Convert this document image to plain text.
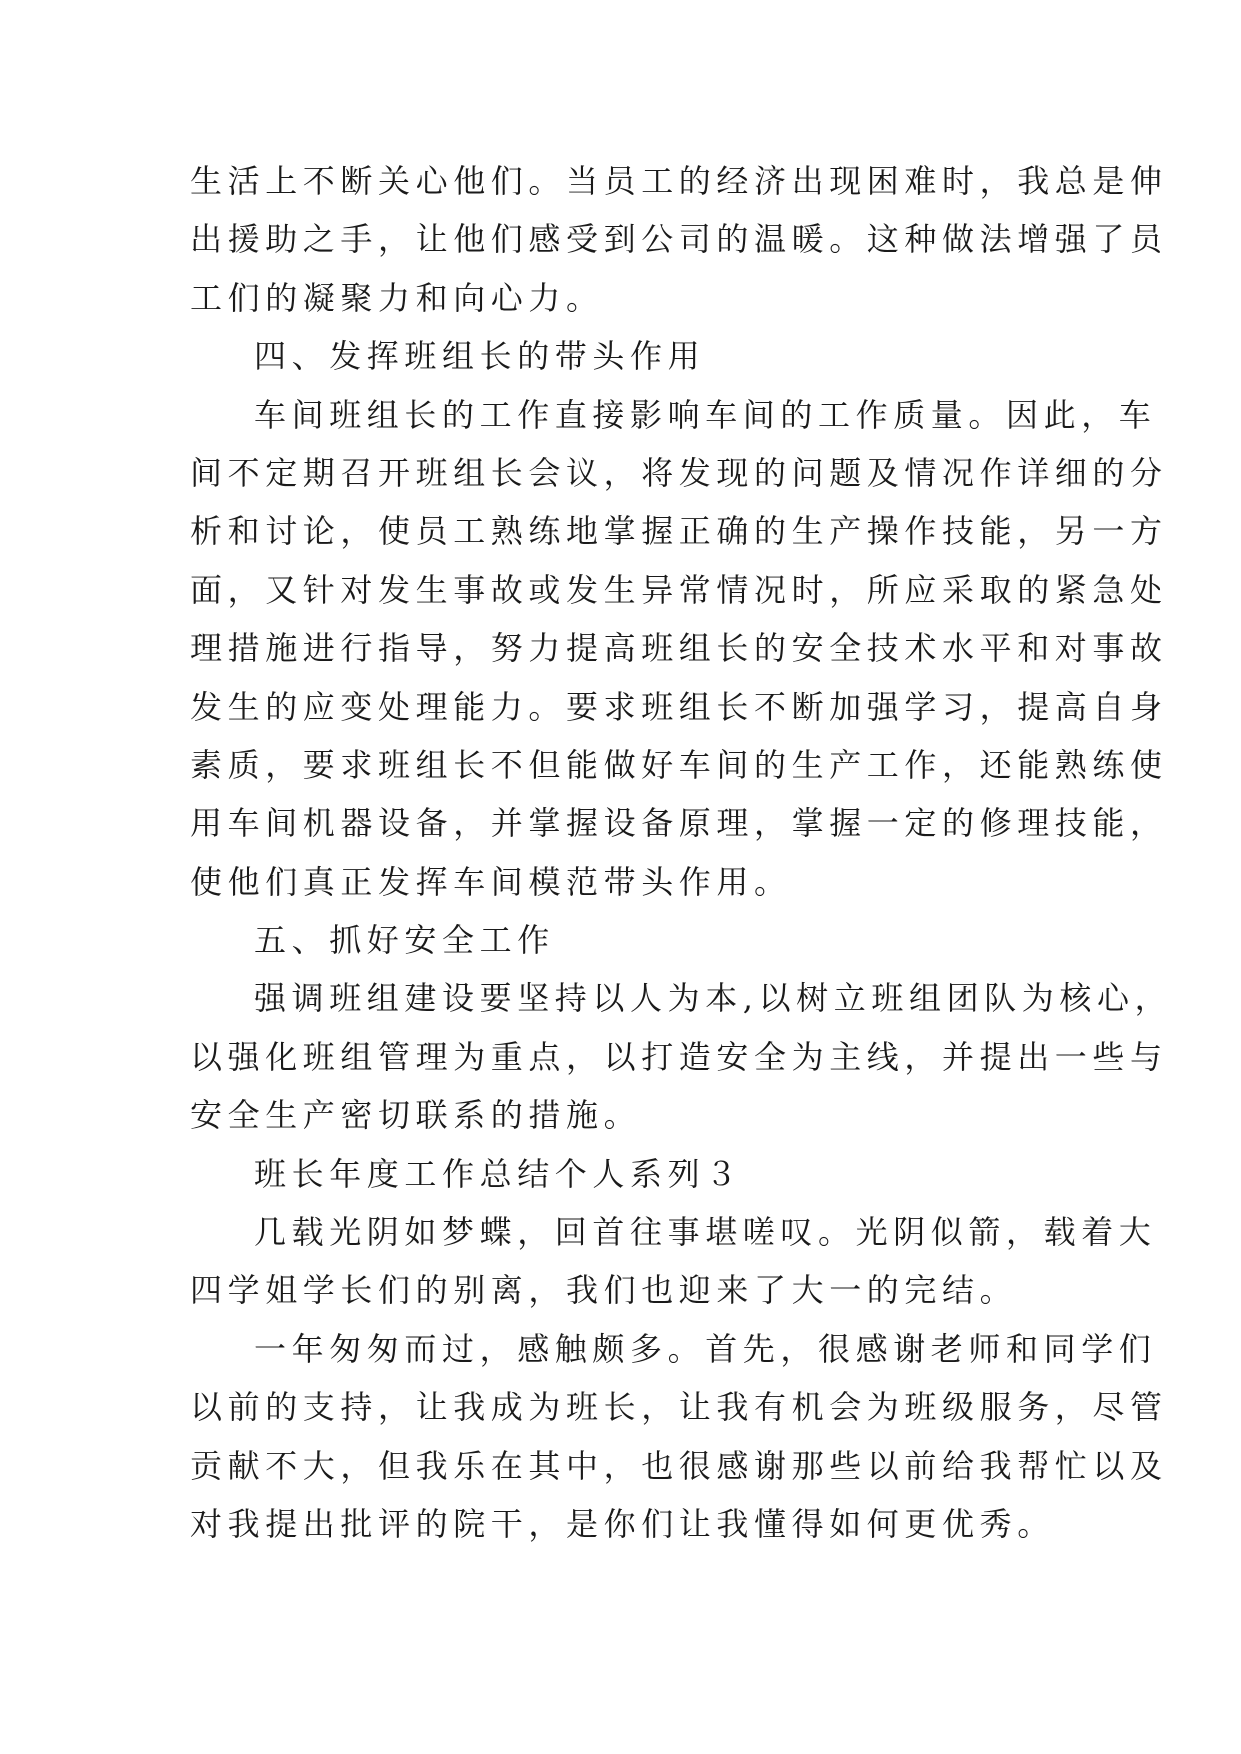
生活上不断关心他们。当员工的经济出现困难时，我总是伸
出援助之手，让他们感受到公司的温暖。这种做法增强了员
工们的凝聚力和向心力。
四、发挥班组长的带头作用
车间班组长的工作直接影响车间的工作质量。因此，车
间不定期召开班组长会议，将发现的问题及情况作详细的分
析和讨论，使员工熟练地掌握正确的生产操作技能，另一方
面，又针对发生事故或发生异常情况时，所应采取的紧急处
理措施进行指导，努力提高班组长的安全技术水平和对事故
发生的应变处理能力。要求班组长不断加强学习，提高自身
素质，要求班组长不但能做好车间的生产工作，还能熟练使
用车间机器设备，并掌握设备原理，掌握一定的修理技能，
使他们真正发挥车间模范带头作用。
五、抓好安全工作
强调班组建设要坚持以人为本,以树立班组团队为核心，
以强化班组管理为重点，以打造安全为主线，并提出一些与
安全生产密切联系的措施。
班长年度工作总结个人系列３
几载光阴如梦蝶，回首往事堪嗟叹。光阴似箭，载着大
四学姐学长们的别离，我们也迎来了大一的完结。
一年匆匆而过，感触颇多。首先，很感谢老师和同学们
以前的支持，让我成为班长，让我有机会为班级服务，尽管
贡献不大，但我乐在其中，也很感谢那些以前给我帮忙以及
对我提出批评的院干，是你们让我懂得如何更优秀。
